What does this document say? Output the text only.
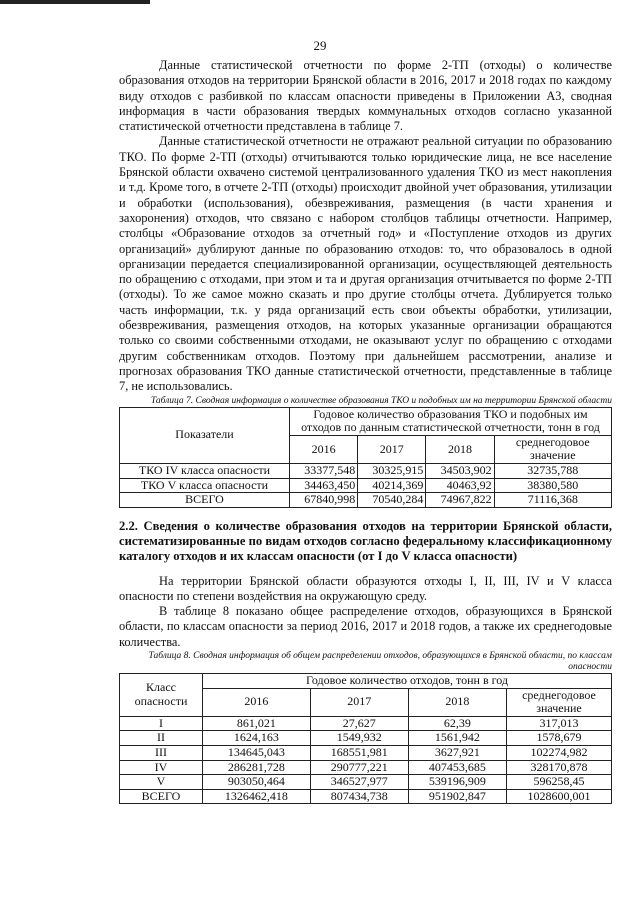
29

Данные статистической отчетности по форме 2-ТП (отходы) о количестве образования отходов на территории Брянской области в 2016, 2017 и 2018 годах по каждому виду отходов с разбивкой по классам опасности приведены в Приложении А3, сводная информация в части образования твердых коммунальных отходов согласно указанной статистической отчетности представлена в таблице 7.

Данные статистической отчетности не отражают реальной ситуации по образованию ТКО. По форме 2-ТП (отходы) отчитываются только юридические лица, не все население Брянской области охвачено системой централизованного удаления ТКО из мест накопления и т.д. Кроме того, в отчете 2-ТП (отходы) происходит двойной учет образования, утилизации и обработки (использования), обезвреживания, размещения (в части хранения и захоронения) отходов, что связано с набором столбцов таблицы отчетности. Например, столбцы «Образование отходов за отчетный год» и «Поступление отходов из других организаций» дублируют данные по образованию отходов: то, что образовалось в одной организации передается специализированной организации, осуществляющей деятельность по обращению с отходами, при этом и та и другая организация отчитывается по форме 2-ТП (отходы). То же самое можно сказать и про другие столбцы отчета. Дублируется только часть информации, т.к. у ряда организаций есть свои объекты обработки, утилизации, обезвреживания, размещения отходов, на которых указанные организации обращаются только со своими собственными отходами, не оказывают услуг по обращению с отходами другим собственникам отходов. Поэтому при дальнейшем рассмотрении, анализе и прогнозах образования ТКО данные статистической отчетности, представленные в таблице 7, не использовались.

Таблица 7. Сводная информация о количестве образования ТКО и подобных им на территории Брянской области
Показатели	Годовое количество образования ТКО и подобных им отходов по данным статистической отчетности, тонн в год			
	2016	2017	2018	среднегодовое значение
ТКО IV класса опасности	33377,548	30325,915	34503,902	32735,788
ТКО V класса опасности	34463,450	40214,369	40463,92	38380,580
ВСЕГО	67840,998	70540,284	74967,822	71116,368
2.2. Сведения о количестве образования отходов на территории Брянской области, систематизированные по видам отходов согласно федеральному классификационному каталогу отходов и их классам опасности (от I до V класса опасности)

На территории Брянской области образуются отходы I, II, III, IV и V класса опасности по степени воздействия на окружающую среду.

В таблице 8 показано общее распределение отходов, образующихся в Брянской области, по классам опасности за период 2016, 2017 и 2018 годов, а также их среднегодовые количества.

Таблица 8. Сводная информация об общем распределении отходов, образующихся в Брянской области, по классам опасности
Класс опасности	Годовое количество отходов, тонн в год			
	2016	2017	2018	среднегодовое значение
I	861,021	27,627	62,39	317,013
II	1624,163	1549,932	1561,942	1578,679
III	134645,043	168551,981	3627,921	102274,982
IV	286281,728	290777,221	407453,685	328170,878
V	903050,464	346527,977	539196,909	596258,45
ВСЕГО	1326462,418	807434,738	951902,847	1028600,001
